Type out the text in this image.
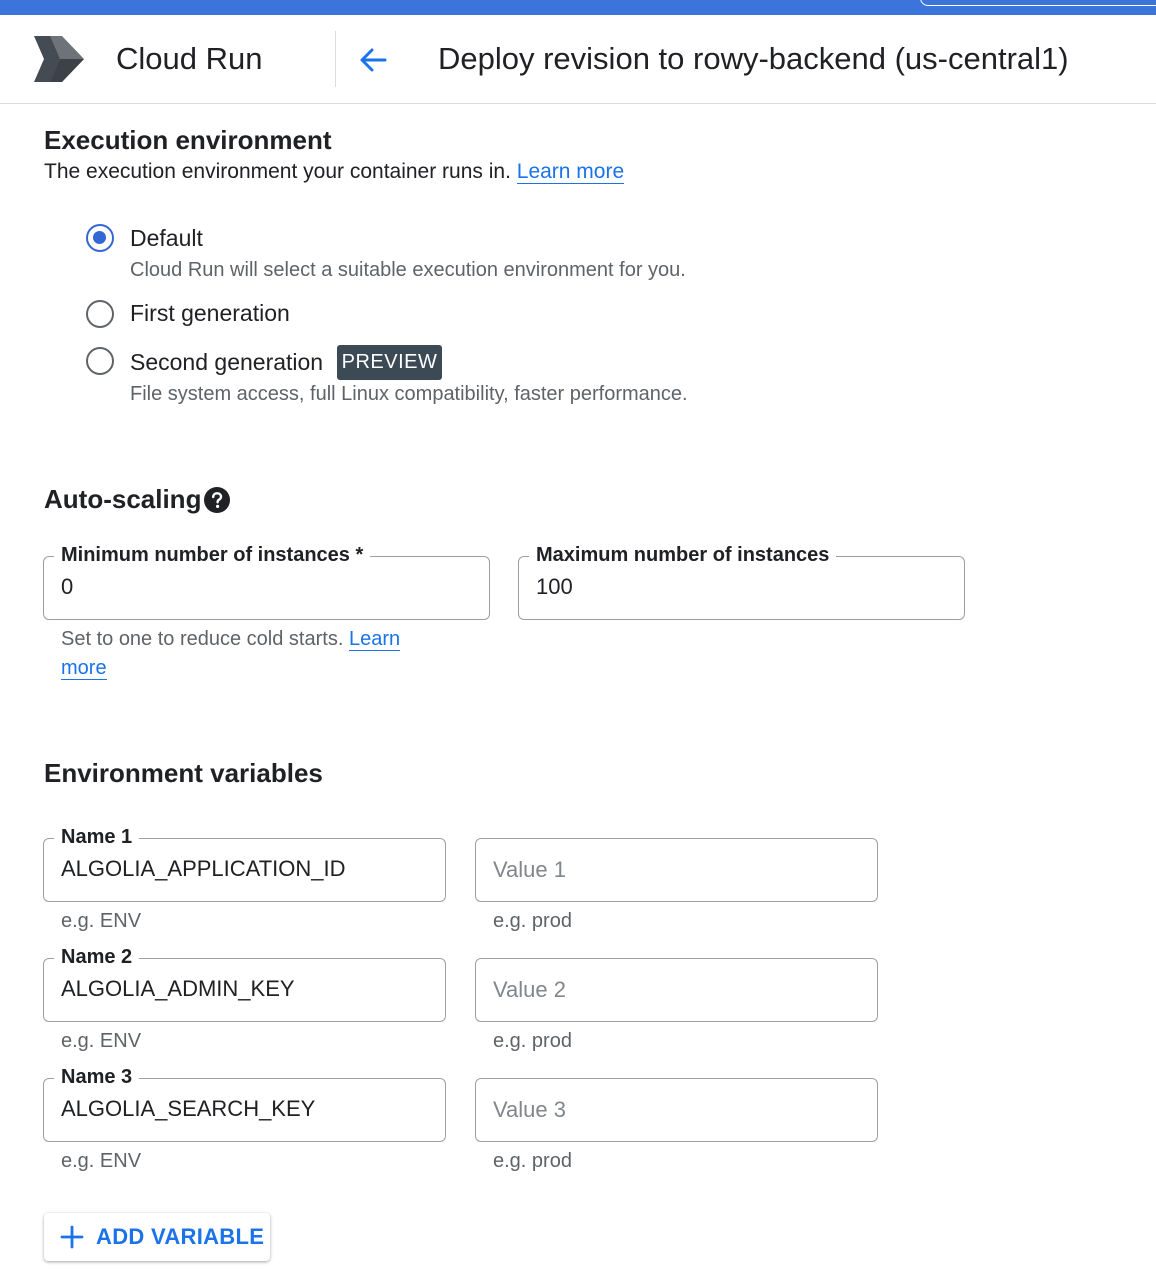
Cloud Run	Deploy revision to rowy-backend (us-central1)
Execution environment
The execution environment your container runs in. Learn more
Default
Cloud Run will select a suitable execution environment for you.
First generation
Second generation PREVIEW
File system access, full Linux compatibility, faster performance.
Auto-scaling
Minimum number of instances *
0
Maximum number of instances
100
Set to one to reduce cold starts. Learn
more
Environment variables
Name 1
ALGOLIA_APPLICATION_ID	Value 1
e.g. ENV	e.g. prod
Name 2
ALGOLIA_ADMIN_KEY	Value 2
e.g. ENV	e.g. prod
Name 3
ALGOLIA_SEARCH_KEY	Value 3
e.g. ENV	e.g. prod
ADD VARIABLE
